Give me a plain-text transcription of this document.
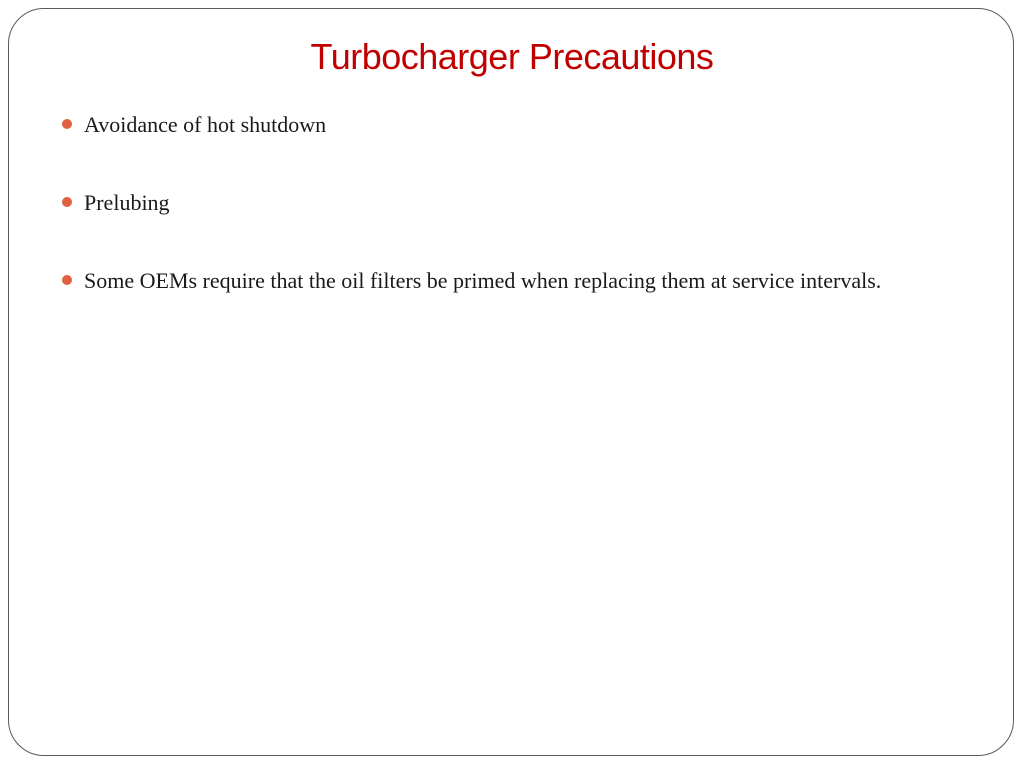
Turbocharger Precautions
Avoidance of hot shutdown
Prelubing
Some OEMs require that the oil filters be primed when replacing them at service intervals.
